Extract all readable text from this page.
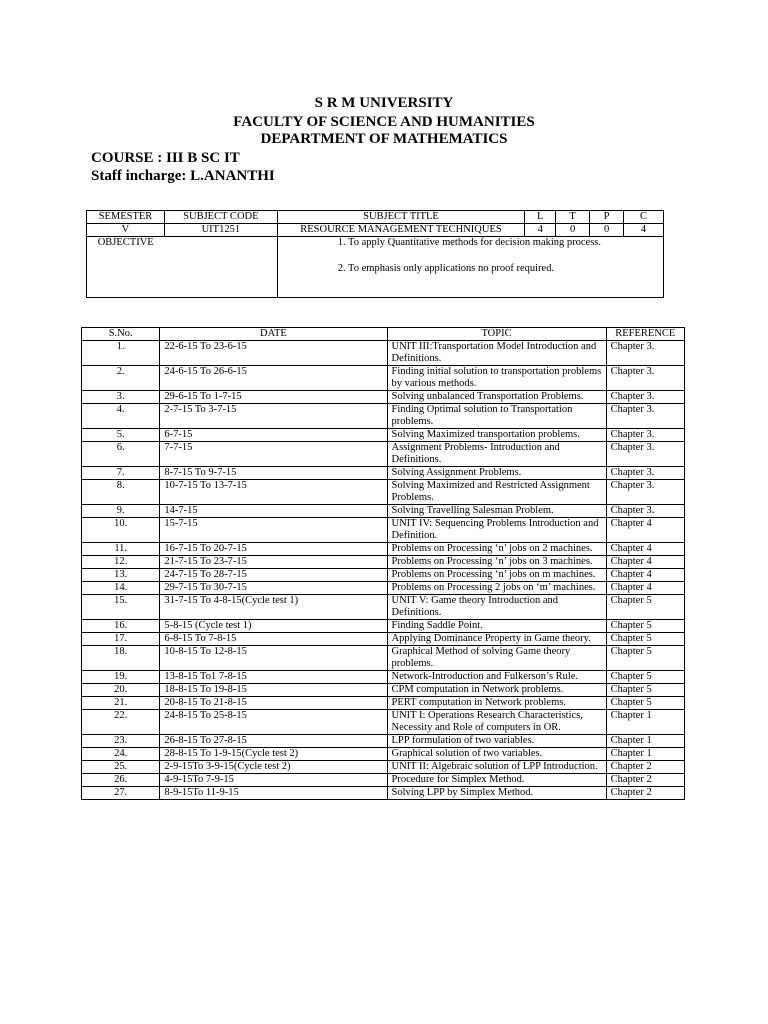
S R M UNIVERSITY
FACULTY OF SCIENCE AND HUMANITIES
DEPARTMENT OF MATHEMATICS
COURSE : III B SC IT
Staff incharge: L.ANANTHI
SEMESTER	SUBJECT CODE	SUBJECT TITLE	L	T	P	C
V	UIT1251	RESOURCE MANAGEMENT TECHNIQUES	4	0	0	4
OBJECTIVE		1. To apply Quantitative methods for decision making process.

2. To emphasis only applications no proof required.				

S.No.	DATE	TOPIC	REFERENCE
1.	22-6-15 To 23-6-15	UNIT III:Transportation Model Introduction and Definitions.	Chapter 3.
2.	24-6-15 To 26-6-15	Finding initial solution to transportation problems by various methods.	Chapter 3.
3.	29-6-15 To 1-7-15	Solving unbalanced Transportation Problems.	Chapter 3.
4.	2-7-15 To 3-7-15	Finding Optimal solution to Transportation problems.	Chapter 3.
5.	6-7-15	Solving Maximized transportation problems.	Chapter 3.
6.	7-7-15	Assignment Problems- Introduction and Definitions.	Chapter 3.
7.	8-7-15 To 9-7-15	Solving Assignment Problems.	Chapter 3.
8.	10-7-15 To 13-7-15	Solving Maximized and Restricted Assignment Problems.	Chapter 3.
9.	14-7-15	Solving Travelling Salesman Problem.	Chapter 3.
10.	15-7-15	UNIT IV: Sequencing Problems Introduction and Definition.	Chapter 4
11.	16-7-15 To 20-7-15	Problems on Processing ‘n’ jobs on 2 machines.	Chapter 4
12.	21-7-15 To 23-7-15	Problems on Processing ‘n’ jobs on 3 machines.	Chapter 4
13.	24-7-15 To 28-7-15	Problems on Processing ‘n’ jobs on m machines.	Chapter 4
14.	29-7-15 To 30-7-15	Problems on Processing 2 jobs on ‘m’ machines.	Chapter 4
15.	31-7-15 To 4-8-15(Cycle test 1)	UNIT V: Game theory Introduction and Definitions.	Chapter 5
16.	5-8-15 (Cycle test 1)	Finding Saddle Point.	Chapter 5
17.	6-8-15 To 7-8-15	Applying Dominance Property in Game theory.	Chapter 5
18.	10-8-15 To 12-8-15	Graphical Method of solving Game theory problems.	Chapter 5
19.	13-8-15 To1 7-8-15	Network-Introduction and Fulkerson’s Rule.	Chapter 5
20.	18-8-15 To 19-8-15	CPM computation in Network problems.	Chapter 5
21.	20-8-15 To 21-8-15	PERT computation in Network problems.	Chapter 5
22.	24-8-15 To 25-8-15	UNIT I: Operations Research Characteristics, Necessity and Role of computers in OR.	Chapter 1
23.	26-8-15 To 27-8-15	LPP formulation of two variables.	Chapter 1
24.	28-8-15 To 1-9-15(Cycle test 2)	Graphical solution of two variables.	Chapter 1
25.	2-9-15To 3-9-15(Cycle test 2)	UNIT II: Algebraic solution of LPP Introduction.	Chapter 2
26.	4-9-15To 7-9-15	Procedure for Simplex Method.	Chapter 2
27.	8-9-15To 11-9-15	Solving LPP by Simplex Method.	Chapter 2
